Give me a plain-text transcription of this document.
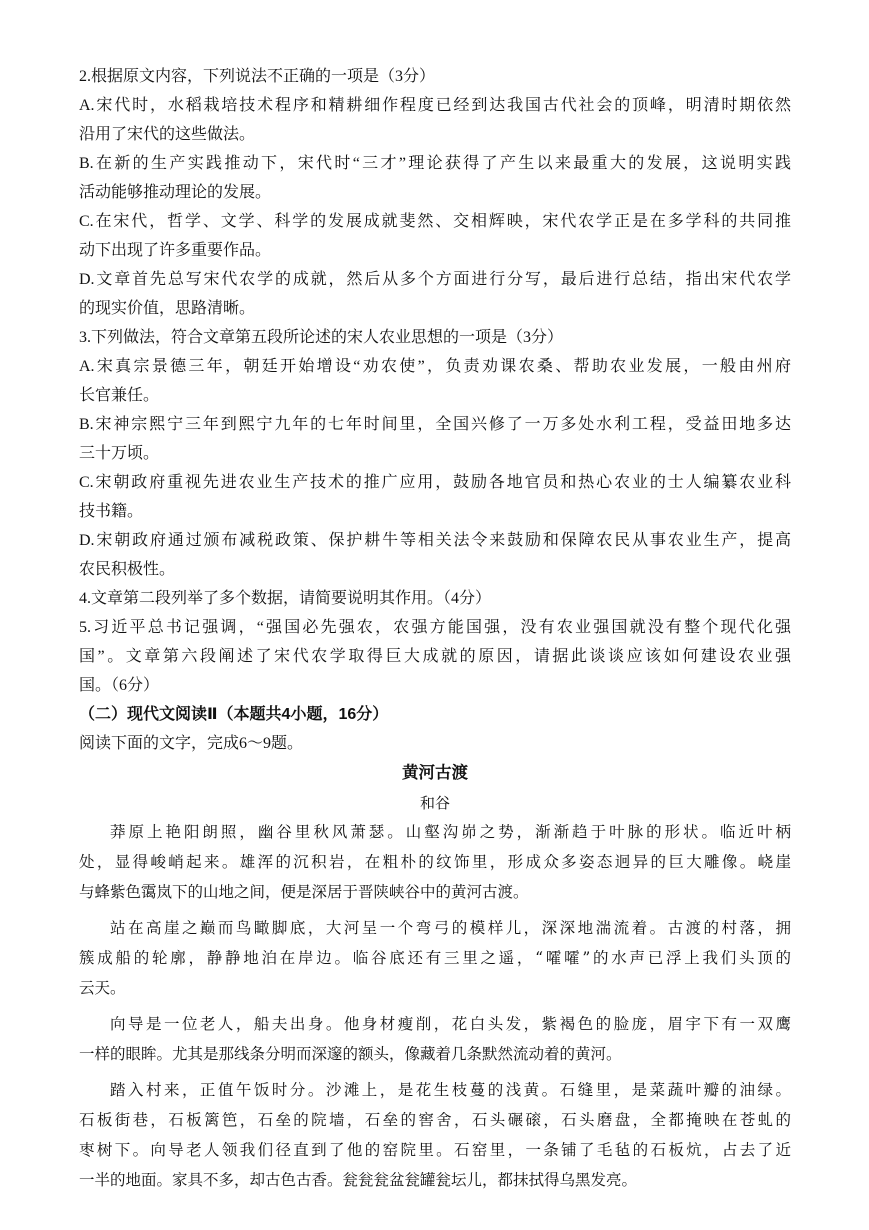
2.根据原文内容，下列说法不正确的一项是（3分）
A.宋代时，水稻栽培技术程序和精耕细作程度已经到达我国古代社会的顶峰，明清时期依然
沿用了宋代的这些做法。
B.在新的生产实践推动下，宋代时“三才”理论获得了产生以来最重大的发展，这说明实践
活动能够推动理论的发展。
C.在宋代，哲学、文学、科学的发展成就斐然、交相辉映，宋代农学正是在多学科的共同推
动下出现了许多重要作品。
D.文章首先总写宋代农学的成就，然后从多个方面进行分写，最后进行总结，指出宋代农学
的现实价值，思路清晰。
3.下列做法，符合文章第五段所论述的宋人农业思想的一项是（3分）
A.宋真宗景德三年，朝廷开始增设“劝农使”，负责劝课农桑、帮助农业发展，一般由州府
长官兼任。
B.宋神宗熙宁三年到熙宁九年的七年时间里，全国兴修了一万多处水利工程，受益田地多达
三十万顷。
C.宋朝政府重视先进农业生产技术的推广应用，鼓励各地官员和热心农业的士人编纂农业科
技书籍。
D.宋朝政府通过颁布减税政策、保护耕牛等相关法令来鼓励和保障农民从事农业生产，提高
农民积极性。
4.文章第二段列举了多个数据，请简要说明其作用。（4分）
5.习近平总书记强调，“强国必先强农，农强方能国强，没有农业强国就没有整个现代化强
国”。文章第六段阐述了宋代农学取得巨大成就的原因，请据此谈谈应该如何建设农业强
国。（6分）
（二）现代文阅读Ⅱ（本题共4小题，16分）
阅读下面的文字，完成6～9题。
黄河古渡
和谷
莽原上艳阳朗照，幽谷里秋风萧瑟。山壑沟峁之势，渐渐趋于叶脉的形状。临近叶柄
处，显得峻峭起来。雄浑的沉积岩，在粗朴的纹饰里，形成众多姿态迥异的巨大雕像。峣崖
与蜂紫色霭岚下的山地之间，便是深居于晋陕峡谷中的黄河古渡。
站在高崖之巅而鸟瞰脚底，大河呈一个弯弓的模样儿，深深地湍流着。古渡的村落，拥
簇成船的轮廓，静静地泊在岸边。临谷底还有三里之遥，“嚯嚯”的水声已浮上我们头顶的
云天。
向导是一位老人，船夫出身。他身材瘦削，花白头发，紫褐色的脸庞，眉宇下有一双鹰
一样的眼眸。尤其是那线条分明而深邃的额头，像藏着几条默然流动着的黄河。
踏入村来，正值午饭时分。沙滩上，是花生枝蔓的浅黄。石缝里，是菜蔬叶瓣的油绿。
石板街巷，石板篱笆，石垒的院墙，石垒的窖舍，石头碾磙，石头磨盘，全都掩映在苍虬的
枣树下。向导老人领我们径直到了他的窑院里。石窑里，一条铺了毛毡的石板炕，占去了近
一半的地面。家具不多，却古色古香。瓮瓮瓮盆瓮罐瓮坛儿，都抹拭得乌黑发亮。
